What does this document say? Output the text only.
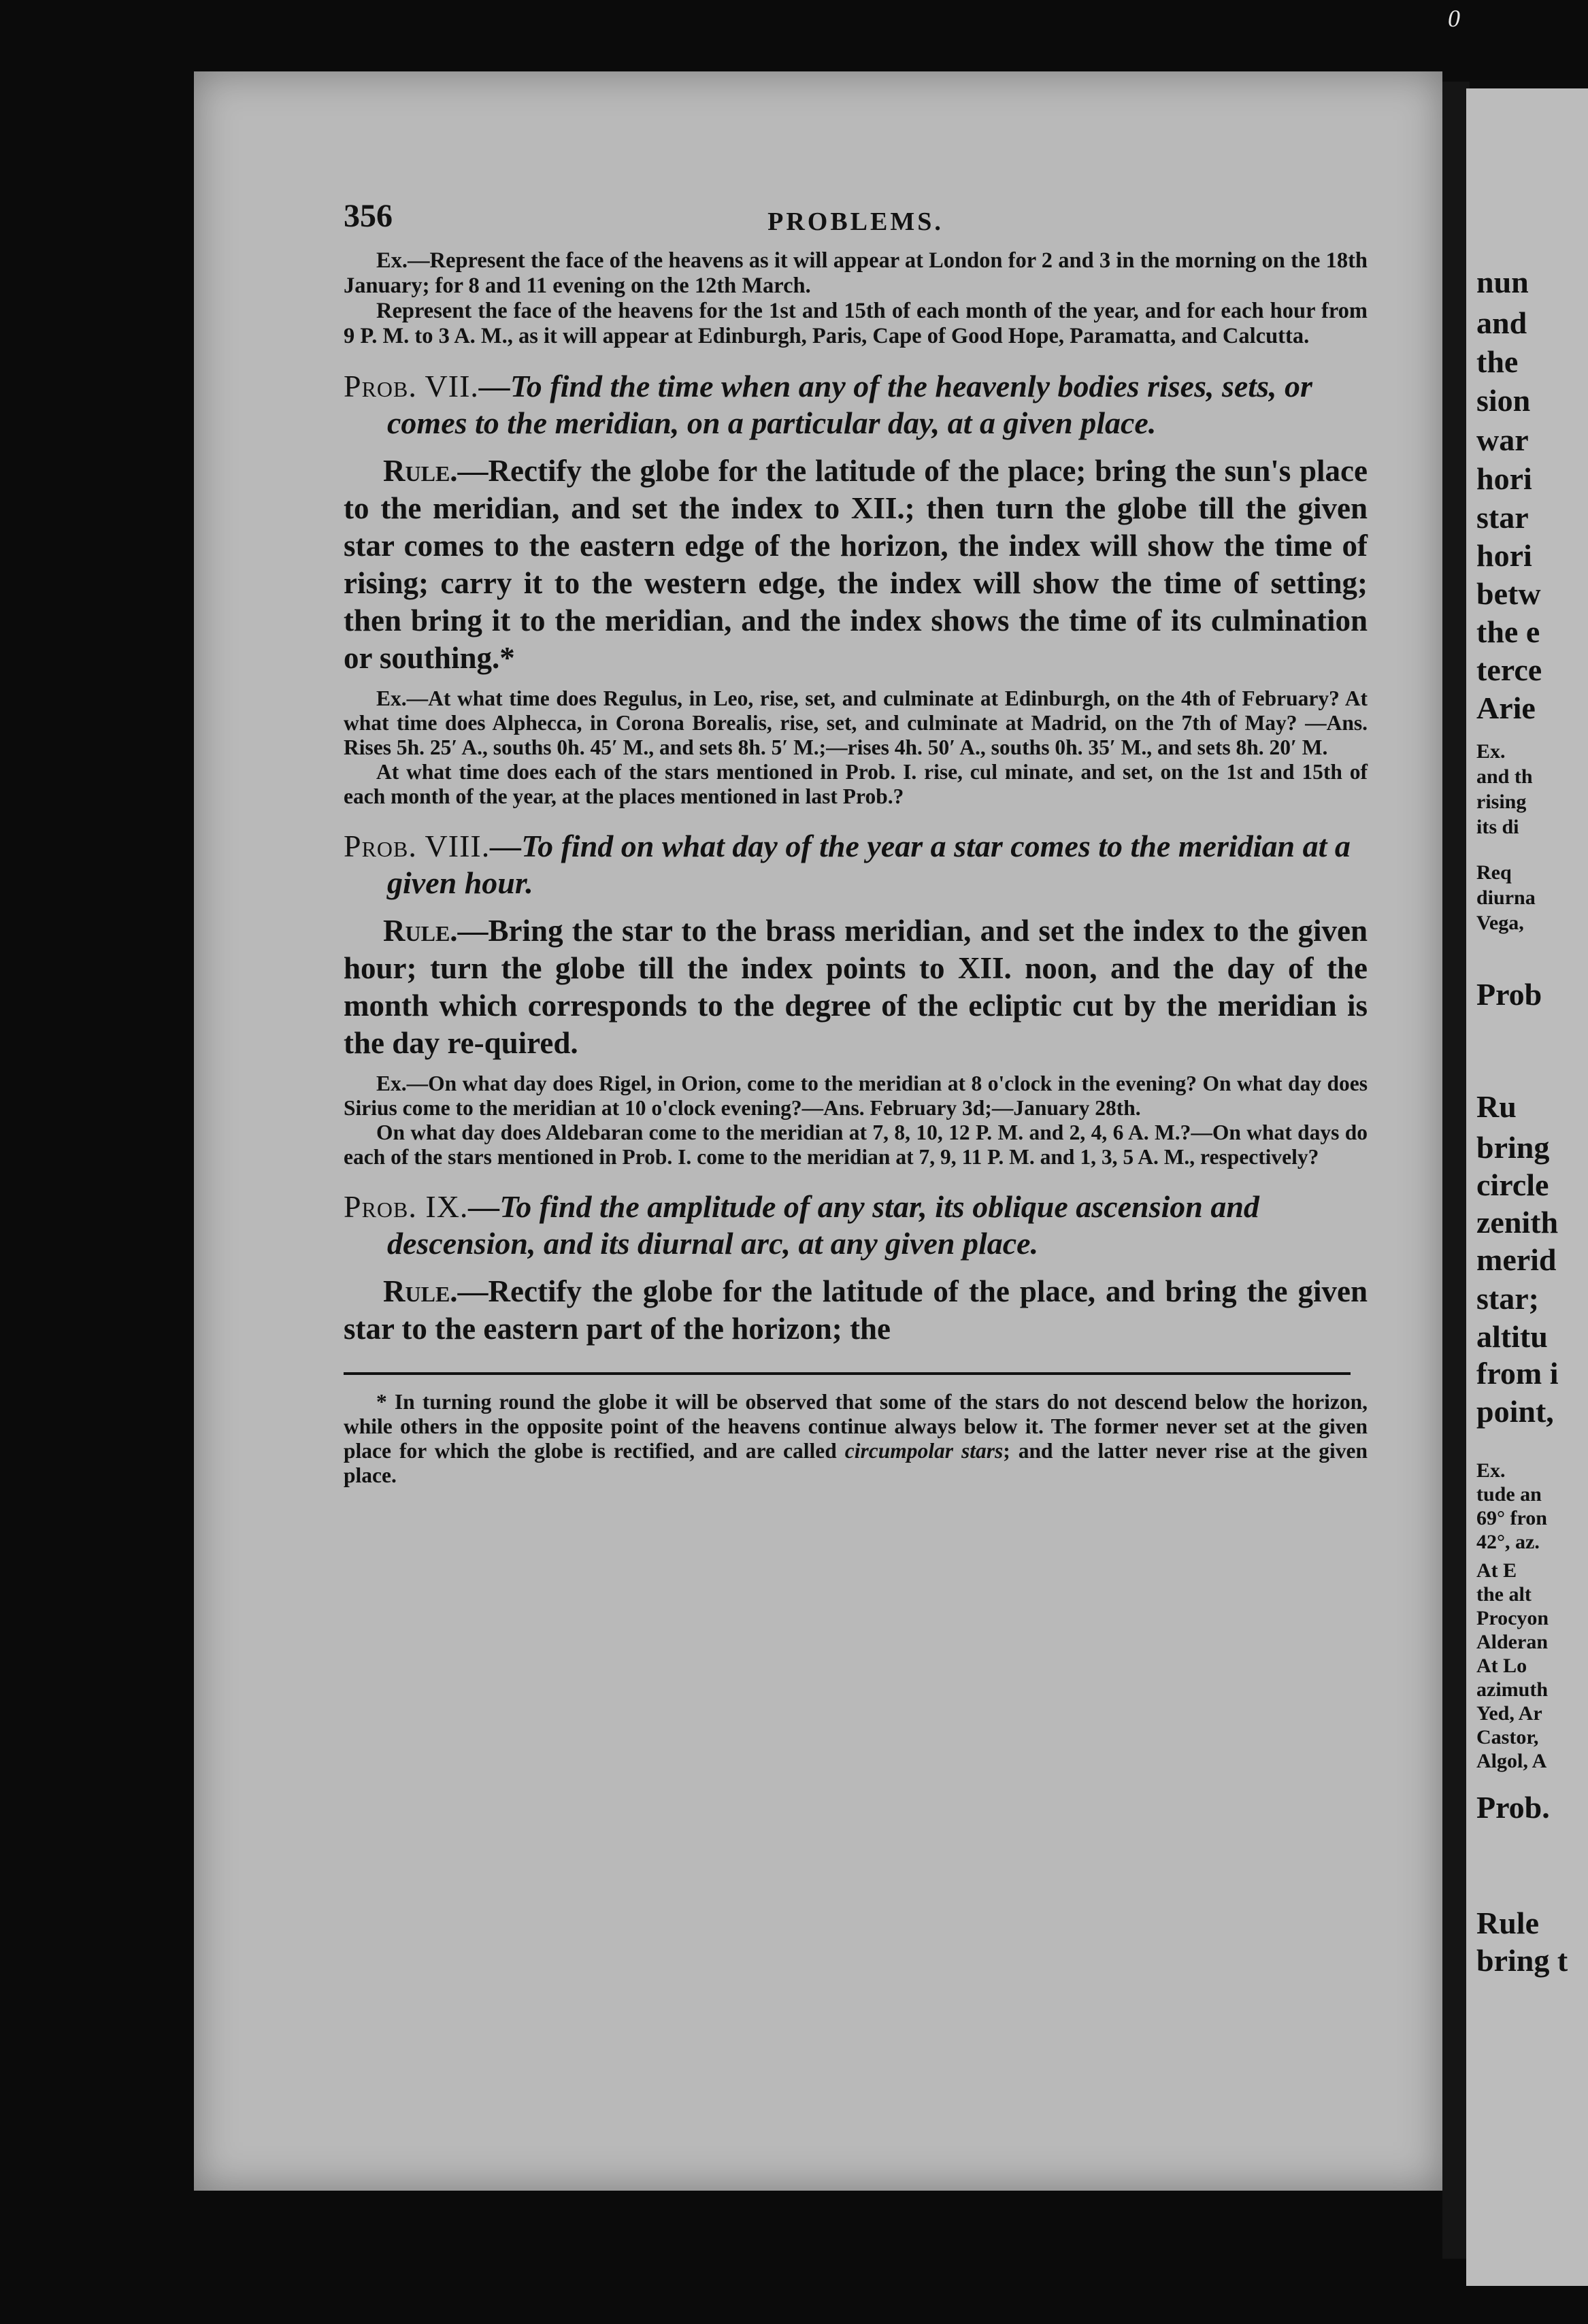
0
nun
and
the
sion
war
hori
star
hori
betw
the e
terce
Arie
Ex.
and th
rising
its di
Req
diurna
Vega,
Prob
Ru
bring
circle
zenith
merid
star;
altitu
from i
point,
Ex.
tude an
69° fron
42°, az.
At E
the alt
Procyon
Alderan
At Lo
azimuth
Yed, Ar
Castor,
Algol, A
Prob.
Rule
bring t
356	PROBLEMS.

Ex.—Represent the face of the heavens as it will appear at London for 2 and 3 in the morning on the 18th January; for 8 and 11 evening on the 12th March.

Represent the face of the heavens for the 1st and 15th of each month of the year, and for each hour from 9 P. M. to 3 A. M., as it will appear at Edinburgh, Paris, Cape of Good Hope, Paramatta, and Calcutta.

Prob. VII.—To find the time when any of the heavenly bodies rises, sets, or comes to the meridian, on a particular day, at a given place.

Rule.—Rectify the globe for the latitude of the place; bring the sun's place to the meridian, and set the index to XII.; then turn the globe till the given star comes to the eastern edge of the horizon, the index will show the time of rising; carry it to the western edge, the index will show the time of setting; then bring it to the meridian, and the index shows the time of its culmination or southing.*

Ex.—At what time does Regulus, in Leo, rise, set, and culminate at Edinburgh, on the 4th of February? At what time does Alphecca, in Corona Borealis, rise, set, and culminate at Madrid, on the 7th of May? —Ans. Rises 5h. 25′ A., souths 0h. 45′ M., and sets 8h. 5′ M.;—rises 4h. 50′ A., souths 0h. 35′ M., and sets 8h. 20′ M.

At what time does each of the stars mentioned in Prob. I. rise, cul minate, and set, on the 1st and 15th of each month of the year, at the places mentioned in last Prob.?

Prob. VIII.—To find on what day of the year a star comes to the meridian at a given hour.

Rule.—Bring the star to the brass meridian, and set the index to the given hour; turn the globe till the index points to XII. noon, and the day of the month which corresponds to the degree of the ecliptic cut by the meridian is the day re-quired.

Ex.—On what day does Rigel, in Orion, come to the meridian at 8 o'clock in the evening? On what day does Sirius come to the meridian at 10 o'clock evening?—Ans. February 3d;—January 28th.

On what day does Aldebaran come to the meridian at 7, 8, 10, 12 P. M. and 2, 4, 6 A. M.?—On what days do each of the stars mentioned in Prob. I. come to the meridian at 7, 9, 11 P. M. and 1, 3, 5 A. M., respectively?

Prob. IX.—To find the amplitude of any star, its oblique ascension and descension, and its diurnal arc, at any given place.

Rule.—Rectify the globe for the latitude of the place, and bring the given star to the eastern part of the horizon; the

* In turning round the globe it will be observed that some of the stars do not descend below the horizon, while others in the opposite point of the heavens continue always below it. The former never set at the given place for which the globe is rectified, and are called circumpolar stars; and the latter never rise at the given place.
